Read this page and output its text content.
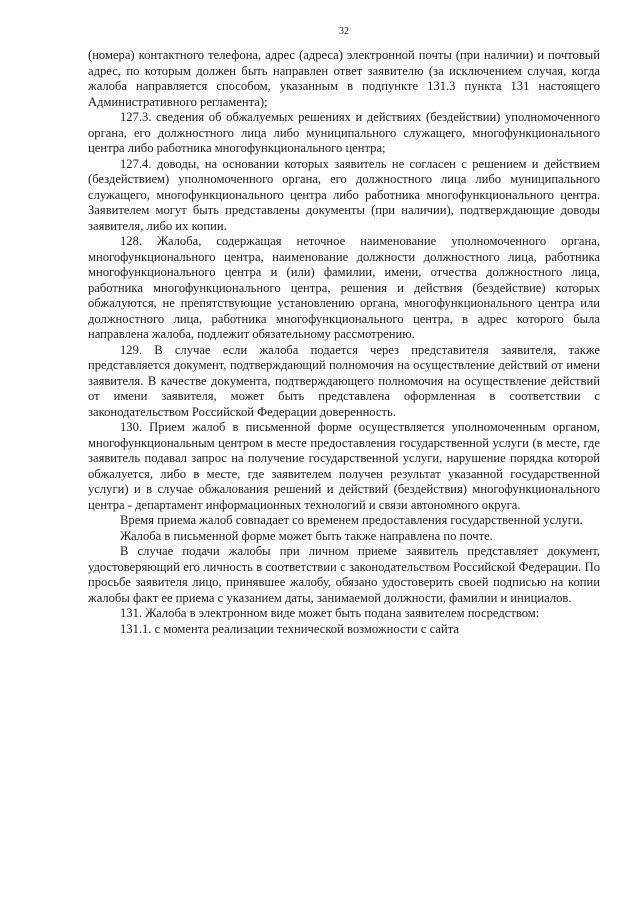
32

(номера) контактного телефона, адрес (адреса) электронной почты (при наличии) и почтовый адрес, по которым должен быть направлен ответ заявителю (за исключением случая, когда жалоба направляется способом, указанным в подпункте 131.3 пункта 131 настоящего Административного регламента);

127.3. сведения об обжалуемых решениях и действиях (бездействии) уполномоченного органа, его должностного лица либо муниципального служащего, многофункционального центра либо работника многофункционального центра;

127.4. доводы, на основании которых заявитель не согласен с решением и действием (бездействием) уполномоченного органа, его должностного лица либо муниципального служащего, многофункционального центра либо работника многофункционального центра. Заявителем могут быть представлены документы (при наличии), подтверждающие доводы заявителя, либо их копии.

128. Жалоба, содержащая неточное наименование уполномоченного органа, многофункционального центра, наименование должности должностного лица, работника многофункционального центра и (или) фамилии, имени, отчества должностного лица, работника многофункционального центра, решения и действия (бездействие) которых обжалуются, не препятствующие установлению органа, многофункционального центра или должностного лица, работника многофункционального центра, в адрес которого была направлена жалоба, подлежит обязательному рассмотрению.

129. В случае если жалоба подается через представителя заявителя, также представляется документ, подтверждающий полномочия на осуществление действий от имени заявителя. В качестве документа, подтверждающего полномочия на осуществление действий от имени заявителя, может быть представлена оформленная в соответствии с законодательством Российской Федерации доверенность.

130. Прием жалоб в письменной форме осуществляется уполномоченным органом, многофункциональным центром в месте предоставления государственной услуги (в месте, где заявитель подавал запрос на получение государственной услуги, нарушение порядка которой обжалуется, либо в месте, где заявителем получен результат указанной государственной услуги) и в случае обжалования решений и действий (бездействия) многофункционального центра - департамент информационных технологий и связи автономного округа.

Время приема жалоб совпадает со временем предоставления государственной услуги.

Жалоба в письменной форме может быть также направлена по почте.

В случае подачи жалобы при личном приеме заявитель представляет документ, удостоверяющий его личность в соответствии с законодательством Российской Федерации. По просьбе заявителя лицо, принявшее жалобу, обязано удостоверить своей подписью на копии жалобы факт ее приема с указанием даты, занимаемой должности, фамилии и инициалов.

131. Жалоба в электронном виде может быть подана заявителем посредством:

131.1. с момента реализации технической возможности с сайта
